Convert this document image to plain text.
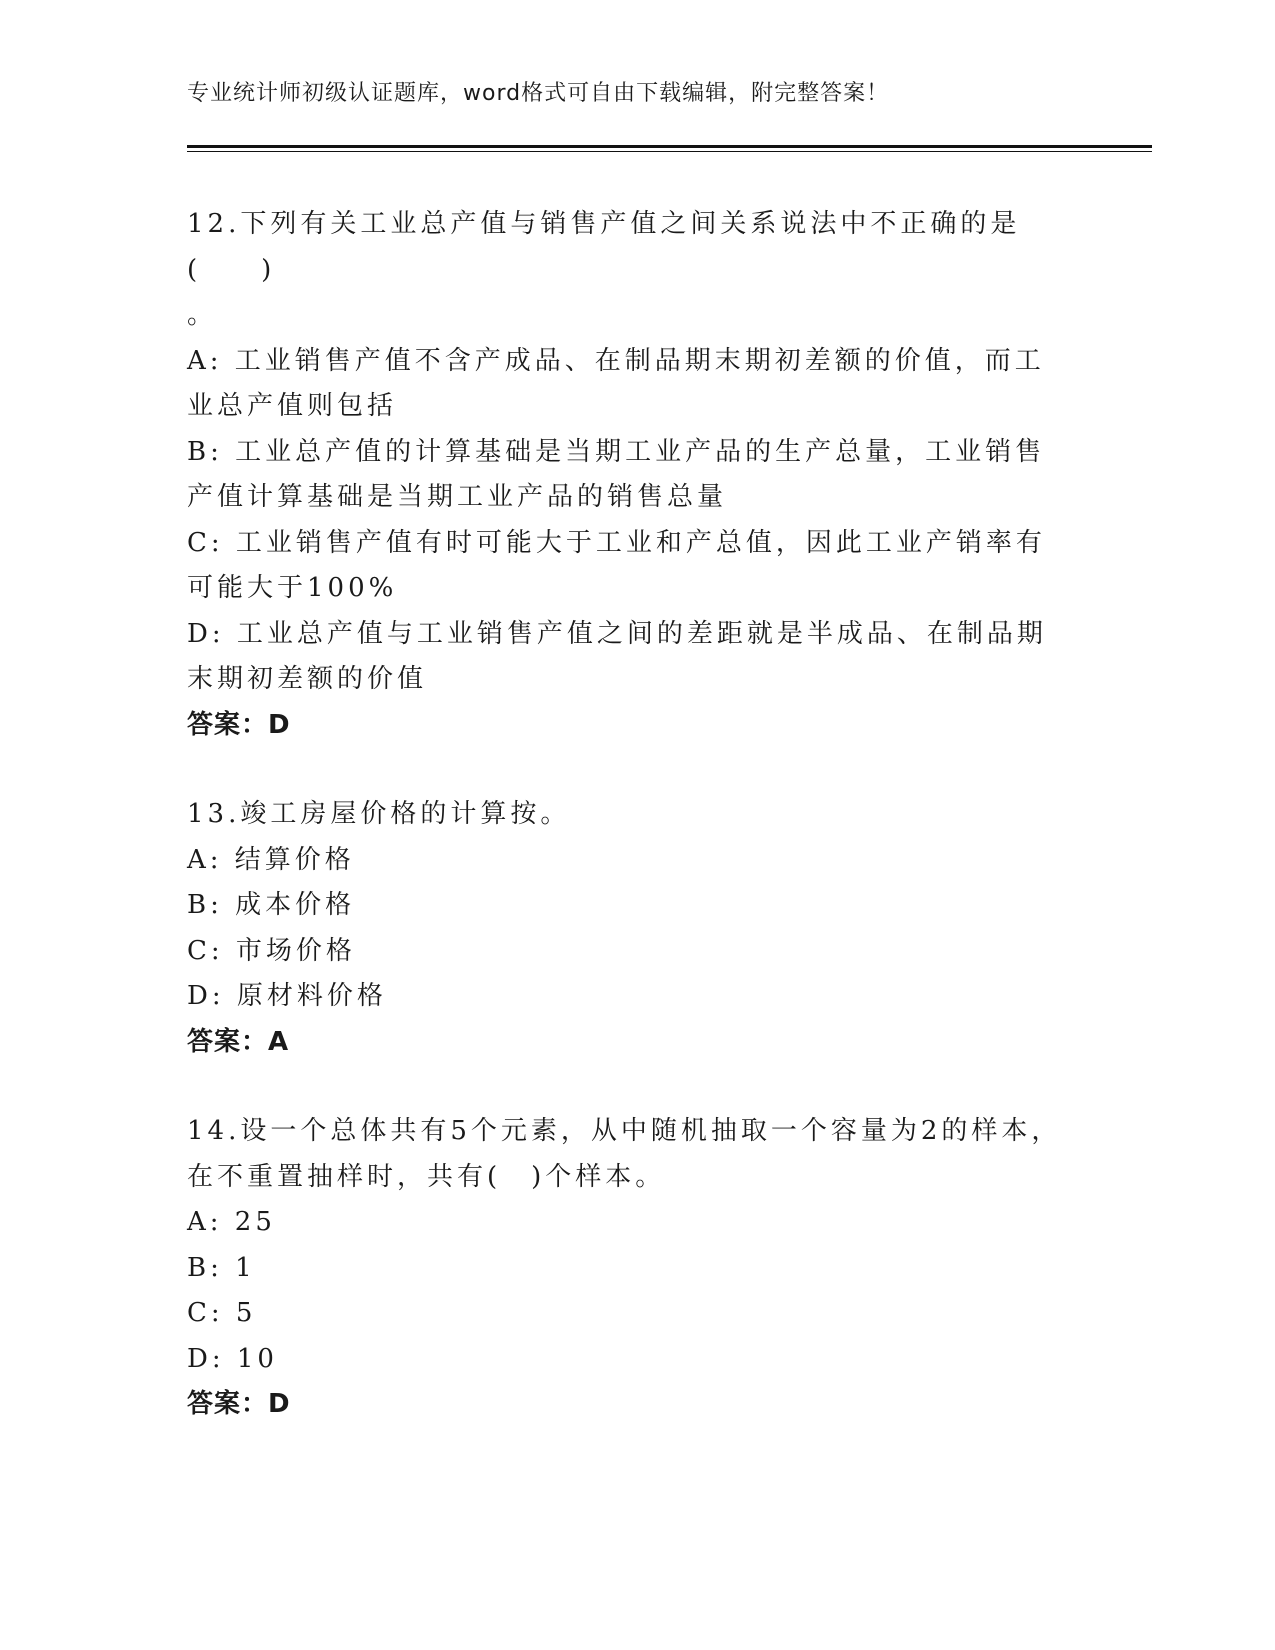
专业统计师初级认证题库，word格式可自由下载编辑，附完整答案！
12.下列有关工业总产值与销售产值之间关系说法中不正确的是(　　)
。
A: 工业销售产值不含产成品、在制品期末期初差额的价值，而工业总产值则包括
B: 工业总产值的计算基础是当期工业产品的生产总量，工业销售产值计算基础是当期工业产品的销售总量
C: 工业销售产值有时可能大于工业和产总值，因此工业产销率有可能大于100%
D: 工业总产值与工业销售产值之间的差距就是半成品、在制品期末期初差额的价值
答案：D
13.竣工房屋价格的计算按。
A: 结算价格
B: 成本价格
C: 市场价格
D: 原材料价格
答案：A
14.设一个总体共有5个元素，从中随机抽取一个容量为2的样本，在不重置抽样时，共有(　)个样本。
A: 25
B: 1
C: 5
D: 10
答案：D
